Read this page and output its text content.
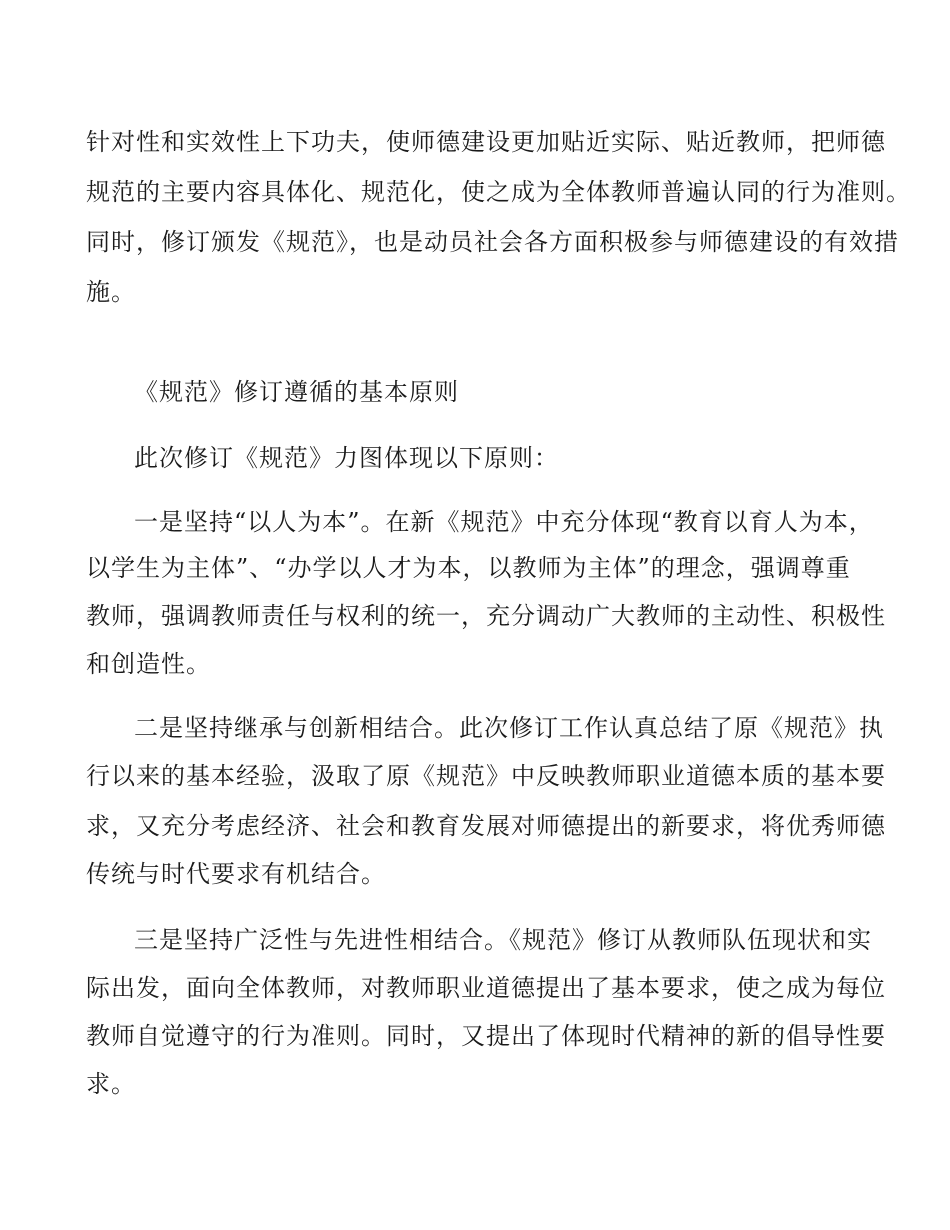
针对性和实效性上下功夫，使师德建设更加贴近实际、贴近教师，把师德
规范的主要内容具体化、规范化，使之成为全体教师普遍认同的行为准则。
同时，修订颁发《规范》，也是动员社会各方面积极参与师德建设的有效措
施。
《规范》修订遵循的基本原则
此次修订《规范》力图体现以下原则：
一是坚持“以人为本”。在新《规范》中充分体现“教育以育人为本，
以学生为主体”、“办学以人才为本，以教师为主体”的理念，强调尊重
教师，强调教师责任与权利的统一，充分调动广大教师的主动性、积极性
和创造性。
二是坚持继承与创新相结合。此次修订工作认真总结了原《规范》执
行以来的基本经验，汲取了原《规范》中反映教师职业道德本质的基本要
求，又充分考虑经济、社会和教育发展对师德提出的新要求，将优秀师德
传统与时代要求有机结合。
三是坚持广泛性与先进性相结合。《规范》修订从教师队伍现状和实
际出发，面向全体教师，对教师职业道德提出了基本要求，使之成为每位
教师自觉遵守的行为准则。同时，又提出了体现时代精神的新的倡导性要
求。
